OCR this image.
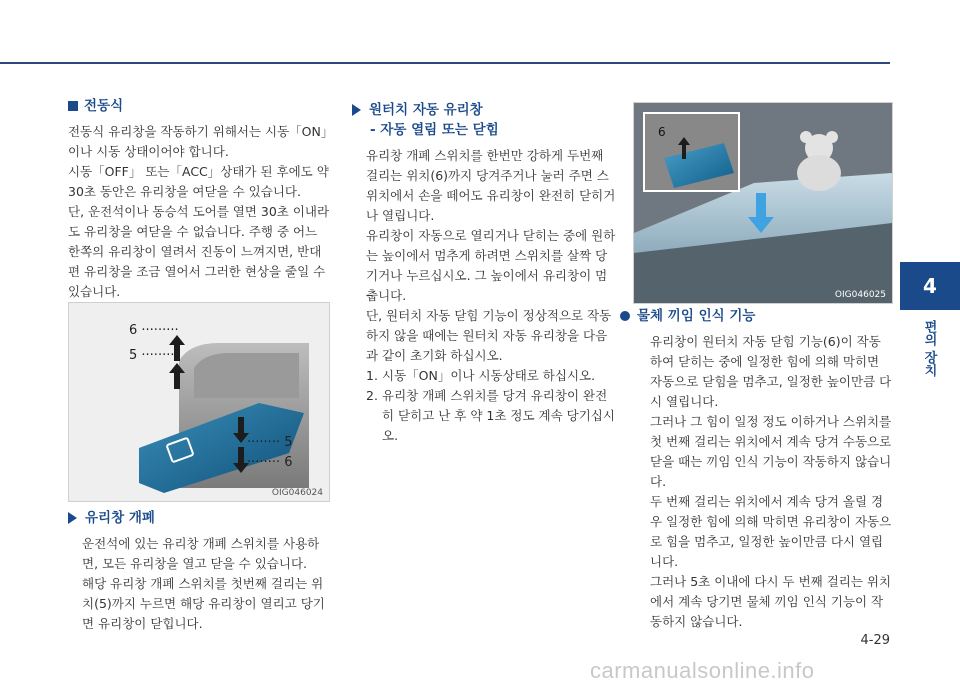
전동식

전동식 유리창을 작동하기 위해서는 시동「ON」이나 시동 상태이어야 합니다.

시동「OFF」 또는「ACC」상태가 된 후에도 약 30초 동안은 유리창을 여닫을 수 있습니다.

단, 운전석이나 동승석 도어를 열면 30초 이내라도 유리창을 여닫을 수 없습니다. 주행 중 어느 한쪽의 유리창이 열려서 진동이 느껴지면, 반대편 유리창을 조금 열어서 그러한 현상을 줄일 수 있습니다.

6 ·········
5 ·········
········ 5
········ 6
OIG046024
유리창 개폐

운전석에 있는 유리창 개폐 스위치를 사용하면, 모든 유리창을 열고 닫을 수 있습니다.

해당 유리창 개폐 스위치를 첫번째 걸리는 위치(5)까지 누르면 해당 유리창이 열리고 당기면 유리창이 닫힙니다.

원터치 자동 유리창
- 자동 열림 또는 닫힘

유리창 개폐 스위치를 한번만 강하게 두번째 걸리는 위치(6)까지 당겨주거나 눌러 주면 스위치에서 손을 떼어도 유리창이 완전히 닫히거나 열립니다.

유리창이 자동으로 열리거나 닫히는 중에 원하는 높이에서 멈추게 하려면 스위치를 살짝 당기거나 누르십시오. 그 높이에서 유리창이 멈춥니다.

단, 원터치 자동 닫힘 기능이 정상적으로 작동하지 않을 때에는 원터치 자동 유리창을 다음과 같이 초기화 하십시오.

1. 시동「ON」이나 시동상태로 하십시오.
2. 유리창 개폐 스위치를 당겨 유리창이 완전히 닫히고 난 후 약 1초 정도 계속 당기십시오.
6
OIG046025
물체 끼임 인식 기능

유리창이 원터치 자동 닫힘 기능(6)이 작동하여 닫히는 중에 일정한 힘에 의해 막히면 자동으로 닫힘을 멈추고, 일정한 높이만큼 다시 열립니다.

그러나 그 힘이 일정 정도 이하거나 스위치를 첫 번째 걸리는 위치에서 계속 당겨 수동으로 닫을 때는 끼임 인식 기능이 작동하지 않습니다.

두 번째 걸리는 위치에서 계속 당겨 올릴 경우 일정한 힘에 의해 막히면 유리창이 자동으로 힘을 멈추고, 일정한 높이만큼 다시 열립니다.

그러나 5초 이내에 다시 두 번째 걸리는 위치에서 계속 당기면 물체 끼임 인식 기능이 작동하지 않습니다.

4
편의 장치
4-29
carmanualsonline.info
